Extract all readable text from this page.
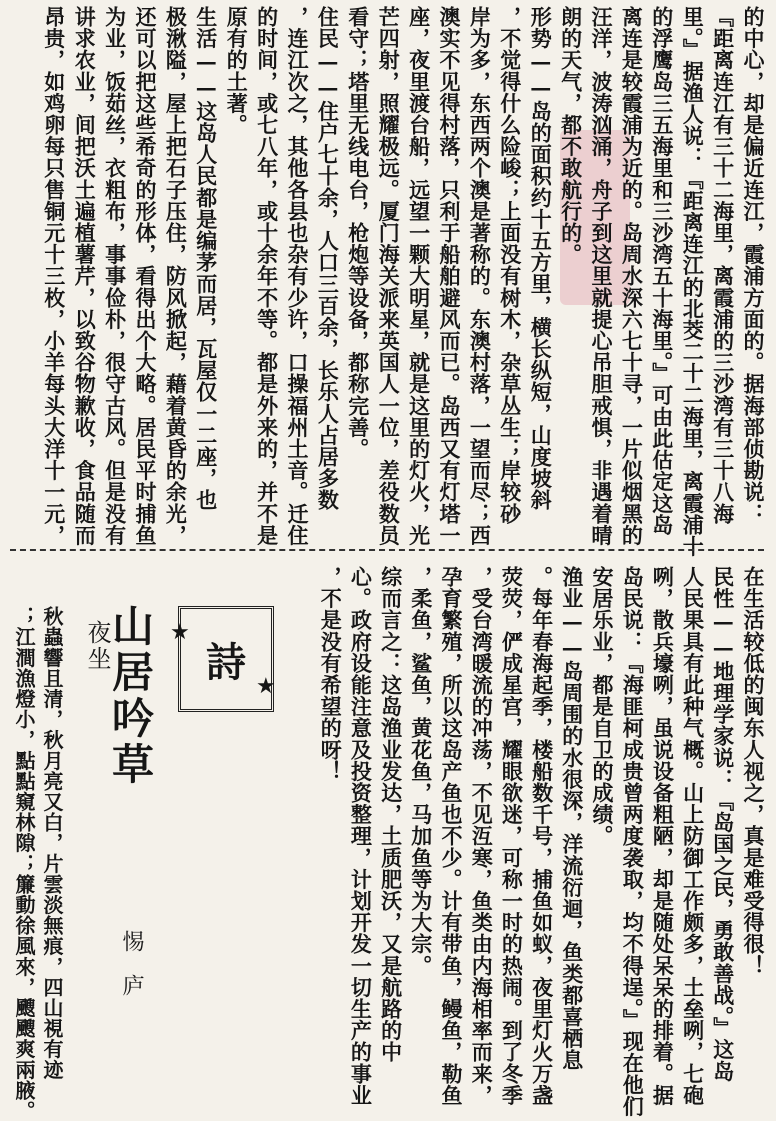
的中心，却是偏近连江，霞浦方面的。据海部侦勘说：
『距离连江有三十二海里，离霞浦的三沙湾有三十八海
里。』据渔人说：『距离连江的北茭二十二海里，离霞浦十
的浮鹰岛三五海里和三沙湾五十海里。』可由此估定这岛
离连是较霞浦为近的。岛周水深六七十寻，一片似烟黑的
汪洋，波涛汹涌，舟子到这里就提心吊胆戒惧，非遇着晴
朗的天气，都不敢航行的。
形势——岛的面积约十五方里，横长纵短，山度坡斜
，不觉得什么险峻；上面没有树木，杂草丛生；岸较砂
岸为多，东西两个澳是著称的。东澳村落，一望而尽；西
澳实不见得村落，只利于船舶避风而已。岛西又有灯塔一
座，夜里渡台船，远望一颗大明星，就是这里的灯火，光
芒四射，照耀极远。厦门海关派来英国人一位，差役数员
看守；塔里无线电台，枪炮等设备，都称完善。
住民——住户七十余，人口三百余，长乐人占居多数
，连江次之，其他各县也杂有少许，口操福州土音。迁住
的时间，或七八年，或十余年不等。都是外来的，并不是
原有的土著。
生活——这岛人民都是编茅而居，瓦屋仅一二座，也
极湫隘，屋上把石子压住，防风掀起，藉着黄昏的余光，
还可以把这些希奇的形体，看得出个大略。居民平时捕鱼
为业，饭茹丝，衣粗布，事事俭朴，很守古风。但是没有
讲求农业，间把沃土遍植薯芹，以致谷物歉收，食品随而
昂贵，如鸡卵每只售铜元十三枚，小羊每头大洋十一元，
在生活较低的闽东人视之，真是难受得很！
民性——地理学家说：『岛国之民，勇敢善战。』这岛
人民果具有此种气概。山上防御工作颇多，土垒咧，七砲
咧，散兵壕咧，虽说设备粗陋，却是随处呆呆的排着。据
岛民说：『海匪柯成贵曾两度袭取，均不得逞。』现在他们
安居乐业，都是自卫的成绩。
渔业——岛周围的水很深，洋流衍迴，鱼类都喜栖息
。每年春海起季，楼船数千号，捕鱼如蚁，夜里灯火万盏
荧荧，俨成星宫，耀眼欲迷，可称一时的热闹。到了冬季
，受台湾暖流的冲荡，不见沍寒，鱼类由内海相率而来，
孕育繁殖，所以这岛产鱼也不少。计有带鱼，鳗鱼，勒鱼
，柔鱼，鲨鱼，黄花鱼，马加鱼等为大宗。
综而言之：这岛渔业发达，土质肥沃，又是航路的中
心。政府设能注意及投资整理，计划开发一切生产的事业
，不是没有希望的呀！
詩
★
★
山居吟草
夜坐
惕庐
秋蟲響且清，秋月亮又白，片雲淡無痕，四山視有迹
；江澗漁燈小，點點窺林隙；簾動徐風來，颼颼爽兩腋。
